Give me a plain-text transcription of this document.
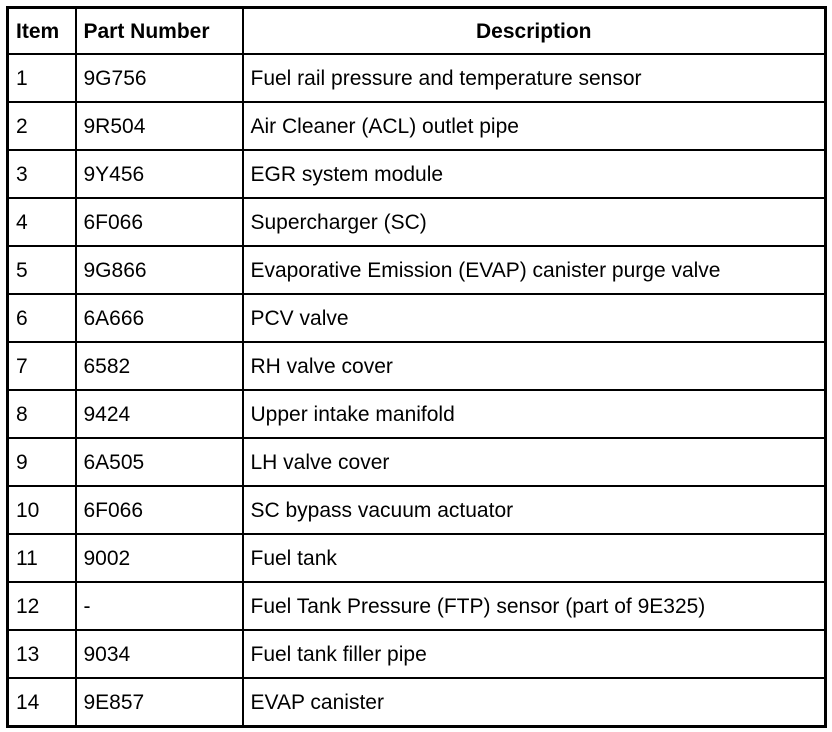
Item	Part Number	Description
1	9G756	Fuel rail pressure and temperature sensor
2	9R504	Air Cleaner (ACL) outlet pipe
3	9Y456	EGR system module
4	6F066	Supercharger (SC)
5	9G866	Evaporative Emission (EVAP) canister purge valve
6	6A666	PCV valve
7	6582	RH valve cover
8	9424	Upper intake manifold
9	6A505	LH valve cover
10	6F066	SC bypass vacuum actuator
11	9002	Fuel tank
12	-	Fuel Tank Pressure (FTP) sensor (part of 9E325)
13	9034	Fuel tank filler pipe
14	9E857	EVAP canister
